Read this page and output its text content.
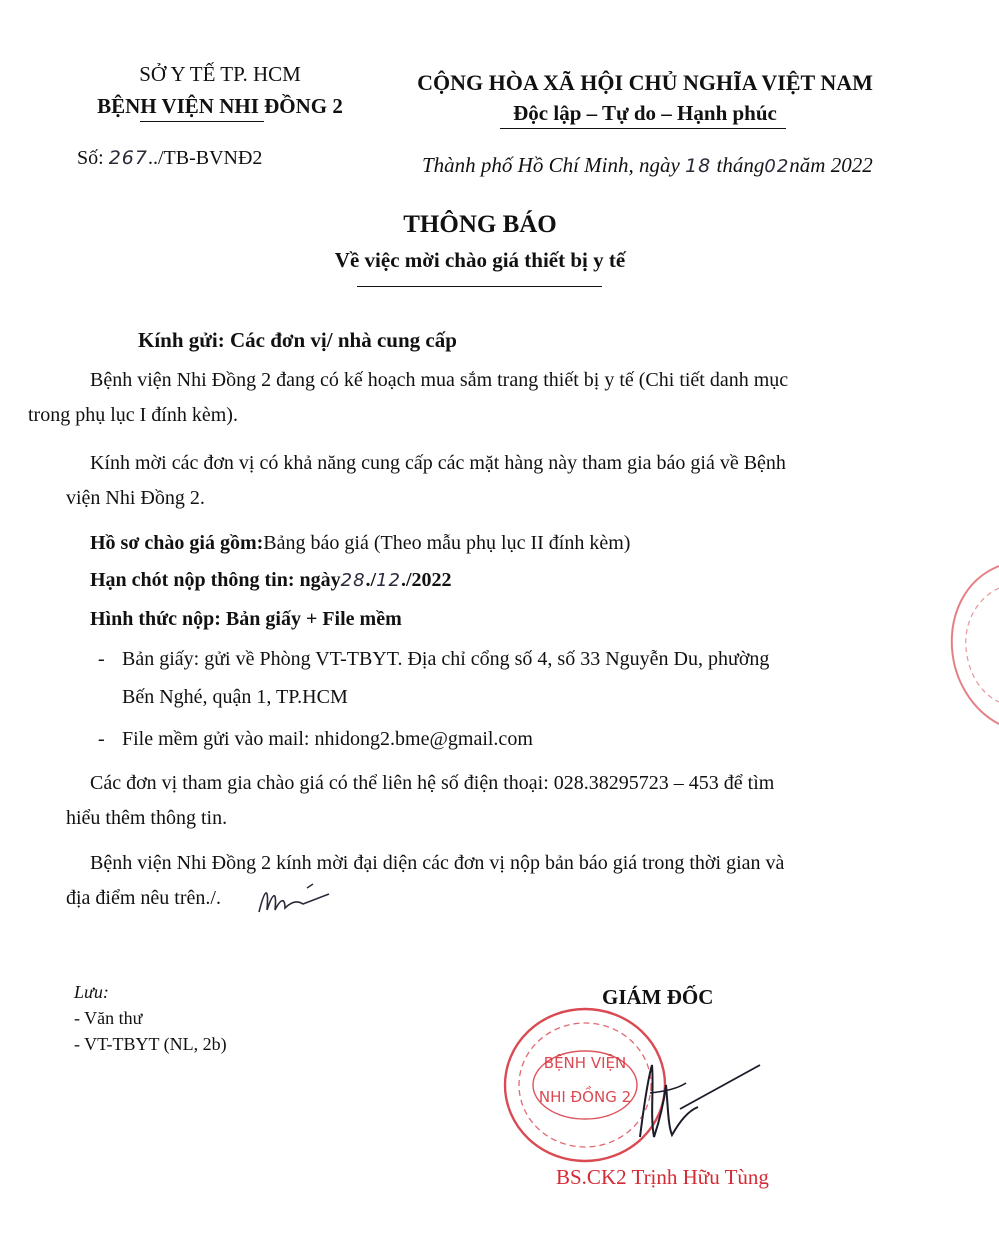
SỞ Y TẾ TP. HCM
BỆNH VIỆN NHI ĐỒNG 2
CỘNG HÒA XÃ HỘI CHỦ NGHĨA VIỆT NAM
Độc lập – Tự do – Hạnh phúc
Số: 267../TB-BVNĐ2	Thành phố Hồ Chí Minh, ngày 18 tháng02năm 2022
THÔNG BÁO
Về việc mời chào giá thiết bị y tế
Kính gửi: Các đơn vị/ nhà cung cấp
Bệnh viện Nhi Đồng 2 đang có kế hoạch mua sắm trang thiết bị y tế (Chi tiết danh mục
trong phụ lục I đính kèm).
Kính mời các đơn vị có khả năng cung cấp các mặt hàng này tham gia báo giá về Bệnh
viện Nhi Đồng 2.
Hồ sơ chào giá gồm:Bảng báo giá (Theo mẫu phụ lục II đính kèm)
Hạn chót nộp thông tin: ngày28./12./2022
Hình thức nộp: Bản giấy + File mềm
- Bản giấy: gửi về Phòng VT-TBYT. Địa chỉ cổng số 4, số 33 Nguyễn Du, phường
Bến Nghé, quận 1, TP.HCM
- File mềm gửi vào mail: nhidong2.bme@gmail.com
Các đơn vị tham gia chào giá có thể liên hệ số điện thoại: 028.38295723 – 453 để tìm
hiểu thêm thông tin.
Bệnh viện Nhi Đồng 2 kính mời đại diện các đơn vị nộp bản báo giá trong thời gian và
địa điểm nêu trên./.
Lưu:
- Văn thư
- VT-TBYT (NL, 2b)
GIÁM ĐỐC
BỆNH VIỆN
NHI ĐỒNG 2
BS.CK2 Trịnh Hữu Tùng
